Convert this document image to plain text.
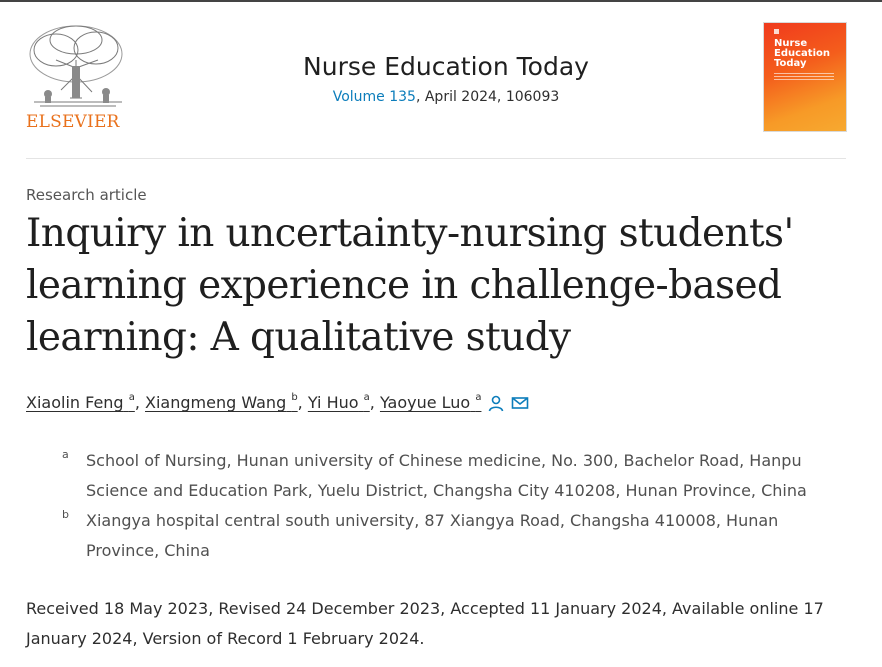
ELSEVIER
Nurse Education Today
Volume 135, April 2024, 106093
Nurse Education Today
Research article
Inquiry in uncertainty-nursing students' learning experience in challenge-based learning: A qualitative study
Xiaolin Feng $^a$, Xiangmeng Wang $^b$, Yi Huo $^a$, Yaoyue Luo $^a$
a School of Nursing, Hunan university of Chinese medicine, No. 300, Bachelor Road, Hanpu Science and Education Park, Yuelu District, Changsha City 410208, Hunan Province, China
b Xiangya hospital central south university, 87 Xiangya Road, Changsha 410008, Hunan Province, China
Received 18 May 2023, Revised 24 December 2023, Accepted 11 January 2024, Available online 17 January 2024, Version of Record 1 February 2024.
